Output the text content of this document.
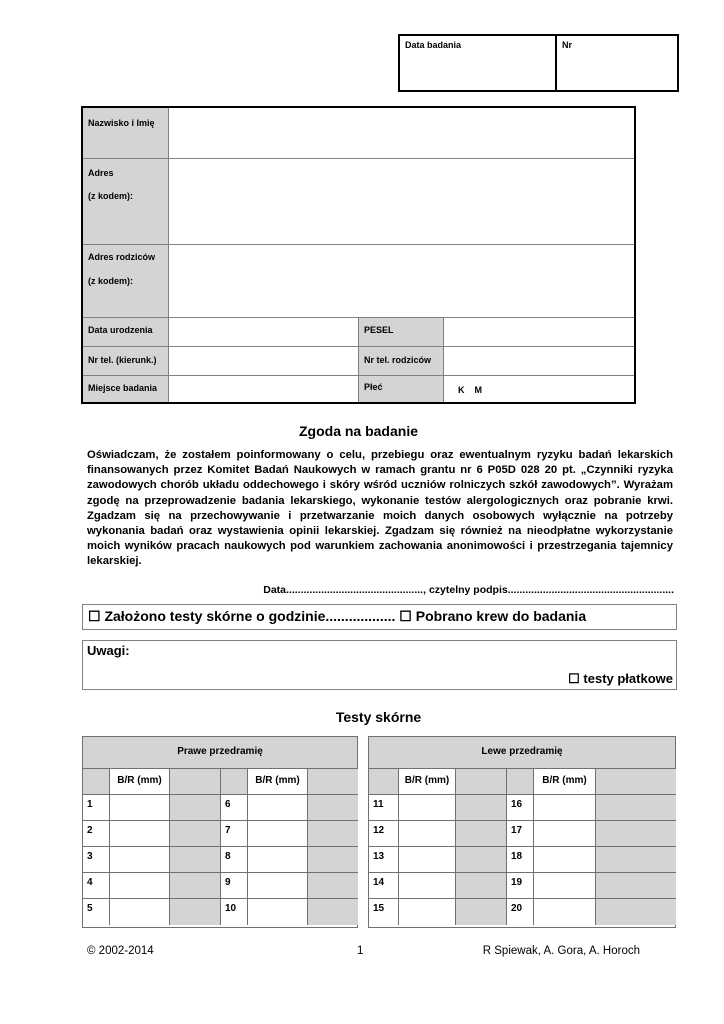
Data badania	Nr
Nazwisko i Imię
Adres
(z kodem):
Adres rodziców
(z kodem):
Data urodzenia	PESEL
Nr tel. (kierunk.)	Nr tel. rodziców
Miejsce badania	Płeć	K    M
Zgoda na badanie

Oświadczam, że zostałem poinformowany o celu, przebiegu oraz ewentualnym ryzyku badań lekarskich finansowanych przez Komitet Badań Naukowych w ramach grantu nr 6 P05D 028 20 pt. „Czynniki ryzyka zawodowych chorób układu oddechowego i skóry wśród uczniów rolniczych szkół zawodowych”. Wyrażam zgodę na przeprowadzenie badania lekarskiego, wykonanie testów alergologicznych oraz pobranie krwi. Zgadzam się na przechowywanie i przetwarzanie moich danych osobowych wyłącznie na potrzeby wykonania badań oraz wystawienia opinii lekarskiej. Zgadzam się również na nieodpłatne wykorzystanie moich wyników pracach naukowych pod warunkiem zachowania anonimowości i przestrzegania tajemnicy lekarskiej.

Data..............................................., czytelny podpis.........................................................
☐ Założono testy skórne o godzinie.................. ☐ Pobrano krew do badania
Uwagi:
☐ testy płatkowe
Testy skórne
Prawe przedramię
B/R (mm)	B/R (mm)
1	6
2	7
3	8
4	9
5	10
Lewe przedramię
B/R (mm)	B/R (mm)
11	16
12	17
13	18
14	19
15	20
© 2002-2014	1	R Spiewak, A. Gora, A. Horoch
